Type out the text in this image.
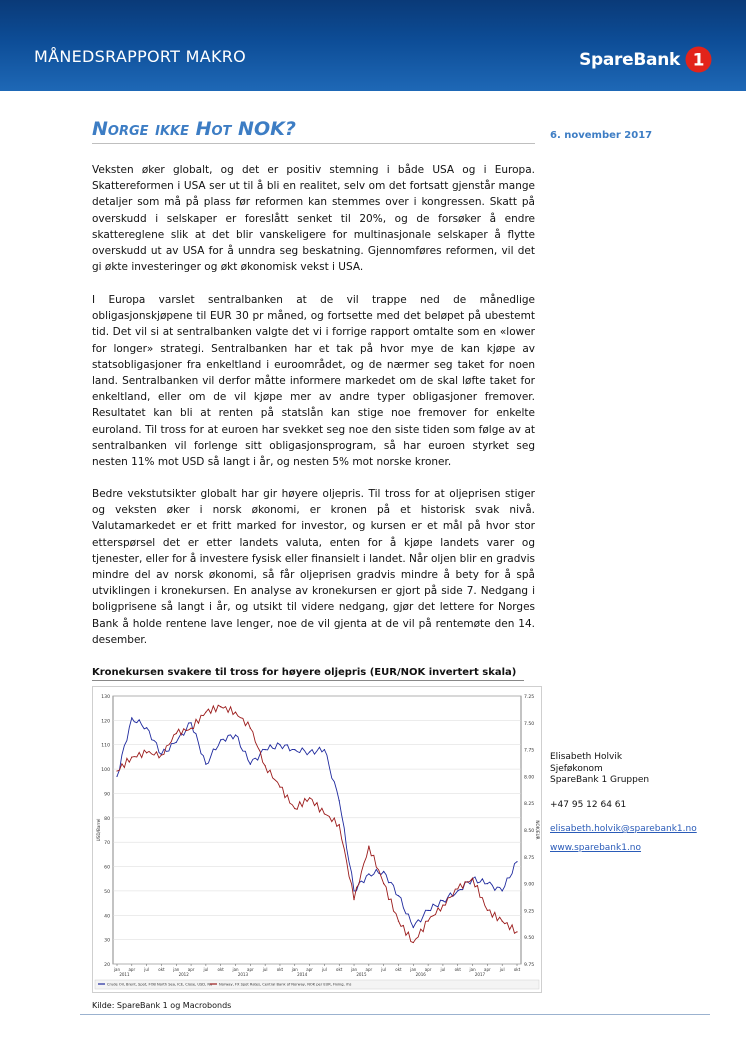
MÅNEDSRAPPORT MAKRO	SpareBank 1
Norge ikke Hot NOK?	6. november 2017

Veksten øker globalt, og det er positiv stemning i både USA og i Europa. Skattereformen i USA ser ut til å bli en realitet, selv om det fortsatt gjenstår mange detaljer som må på plass før reformen kan stemmes over i kongressen. Skatt på overskudd i selskaper er foreslått senket til 20%, og de forsøker å endre skattereglene slik at det blir vanskeligere for multinasjonale selskaper å flytte overskudd ut av USA for å unndra seg beskatning. Gjennomføres reformen, vil det gi økte investeringer og økt økonomisk vekst i USA.

I Europa varslet sentralbanken at de vil trappe ned de månedlige obligasjonskjøpene til EUR 30 pr måned, og fortsette med det beløpet på ubestemt tid. Det vil si at sentralbanken valgte det vi i forrige rapport omtalte som en «lower for longer» strategi. Sentralbanken har et tak på hvor mye de kan kjøpe av statsobligasjoner fra enkeltland i euroområdet, og de nærmer seg taket for noen land. Sentralbanken vil derfor måtte informere markedet om de skal løfte taket for enkeltland, eller om de vil kjøpe mer av andre typer obligasjoner fremover. Resultatet kan bli at renten på statslån kan stige noe fremover for enkelte euroland. Til tross for at euroen har svekket seg noe den siste tiden som følge av at sentralbanken vil forlenge sitt obligasjonsprogram, så har euroen styrket seg nesten 11% mot USD så langt i år, og nesten 5% mot norske kroner.

Bedre vekstutsikter globalt har gir høyere oljepris. Til tross for at oljeprisen stiger og veksten øker i norsk økonomi, er kronen på et historisk svak nivå. Valutamarkedet er et fritt marked for investor, og kursen er et mål på hvor stor etterspørsel det er etter landets valuta, enten for å kjøpe landets varer og tjenester, eller for å investere fysisk eller finansielt i landet. Når oljen blir en gradvis mindre del av norsk økonomi, så får oljeprisen gradvis mindre å bety for å spå utviklingen i kronekursen. En analyse av kronekursen er gjort på side 7. Nedgang i boligprisene så langt i år, og utsikt til videre nedgang, gjør det lettere for Norges Bank å holde rentene lave lenger, noe de vil gjenta at de vil på rentemøte den 14. desember.

Kronekursen svakere til tross for høyere oljepris (EUR/NOK invertert skala)
130
120
110
100
90
80
70
60
50
40
30
20
7.25
7.50
7.75
8.00
8.25
8.50
8.75
9.00
9.25
9.50
9.75
jan apr jul okt jan apr jul okt jan apr jul okt jan apr jul okt jan apr jul okt jan apr jul okt jan apr jul okt
2011	2012	2013	2014	2015	2016	2017
USD/Barrel	NOK/EUR
Crude Oil, Brent, Spot, FOB North Sea, ICE, Close, USD, Nu Norway, FX Spot Rates, Central Bank of Norway, NOK per EUR, Fixing, rhs
Kilde: SpareBank 1 og Macrobonds
Elisabeth Holvik
Sjeføkonom
SpareBank 1 Gruppen
+47 95 12 64 61
elisabeth.holvik@sparebank1.no
www.sparebank1.no
